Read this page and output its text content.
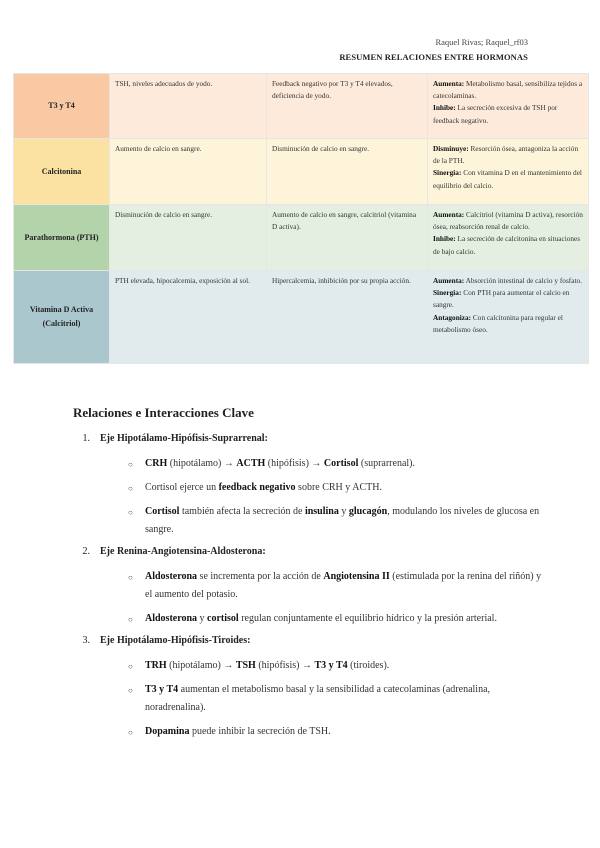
Raquel Rivas; Raquel_rf03
RESUMEN RELACIONES ENTRE HORMONAS
T3 y T4	TSH, niveles adecuados de yodo.	Feedback negativo por T3 y T4 elevados, deficiencia de yodo.	Aumenta: Metabolismo basal, sensibiliza tejidos a catecolaminas.
Inhibe: La secreción excesiva de TSH por feedback negativo.

Calcitonina	Aumento de calcio en sangre.	Disminución de calcio en sangre.	Disminuye: Resorción ósea, antagoniza la acción de la PTH.
Sinergia: Con vitamina D en el mantenimiento del equilibrio del calcio.

Parathormona (PTH)	Disminución de calcio en sangre.	Aumento de calcio en sangre, calcitriol (vitamina D activa).	Aumenta: Calcitriol (vitamina D activa), resorción ósea, reabsorción renal de calcio.
Inhibe: La secreción de calcitonina en situaciones de bajo calcio.

Vitamina D Activa (Calcitriol)	PTH elevada, hipocalcemia, exposición al sol.	Hipercalcemia, inhibición por su propia acción.	Aumenta: Absorción intestinal de calcio y fosfato.
Sinergia: Con PTH para aumentar el calcio en sangre.
Antagoniza: Con calcitonina para regular el metabolismo óseo.
Relaciones e Interacciones Clave
1.	Eje Hipotálamo-Hipófisis-Suprarrenal:
○ CRH (hipotálamo) → ACTH (hipófisis) → Cortisol (suprarrenal).
○ Cortisol ejerce un feedback negativo sobre CRH y ACTH.
○ Cortisol también afecta la secreción de insulina y glucagón, modulando los niveles de glucosa en sangre.
2.	Eje Renina-Angiotensina-Aldosterona:
○ Aldosterona se incrementa por la acción de Angiotensina II (estimulada por la renina del riñón) y el aumento del potasio.
○ Aldosterona y cortisol regulan conjuntamente el equilibrio hídrico y la presión arterial.
3.	Eje Hipotálamo-Hipófisis-Tiroides:
○ TRH (hipotálamo) → TSH (hipófisis) → T3 y T4 (tiroides).
○ T3 y T4 aumentan el metabolismo basal y la sensibilidad a catecolaminas (adrenalina, noradrenalina).
○ Dopamina puede inhibir la secreción de TSH.
